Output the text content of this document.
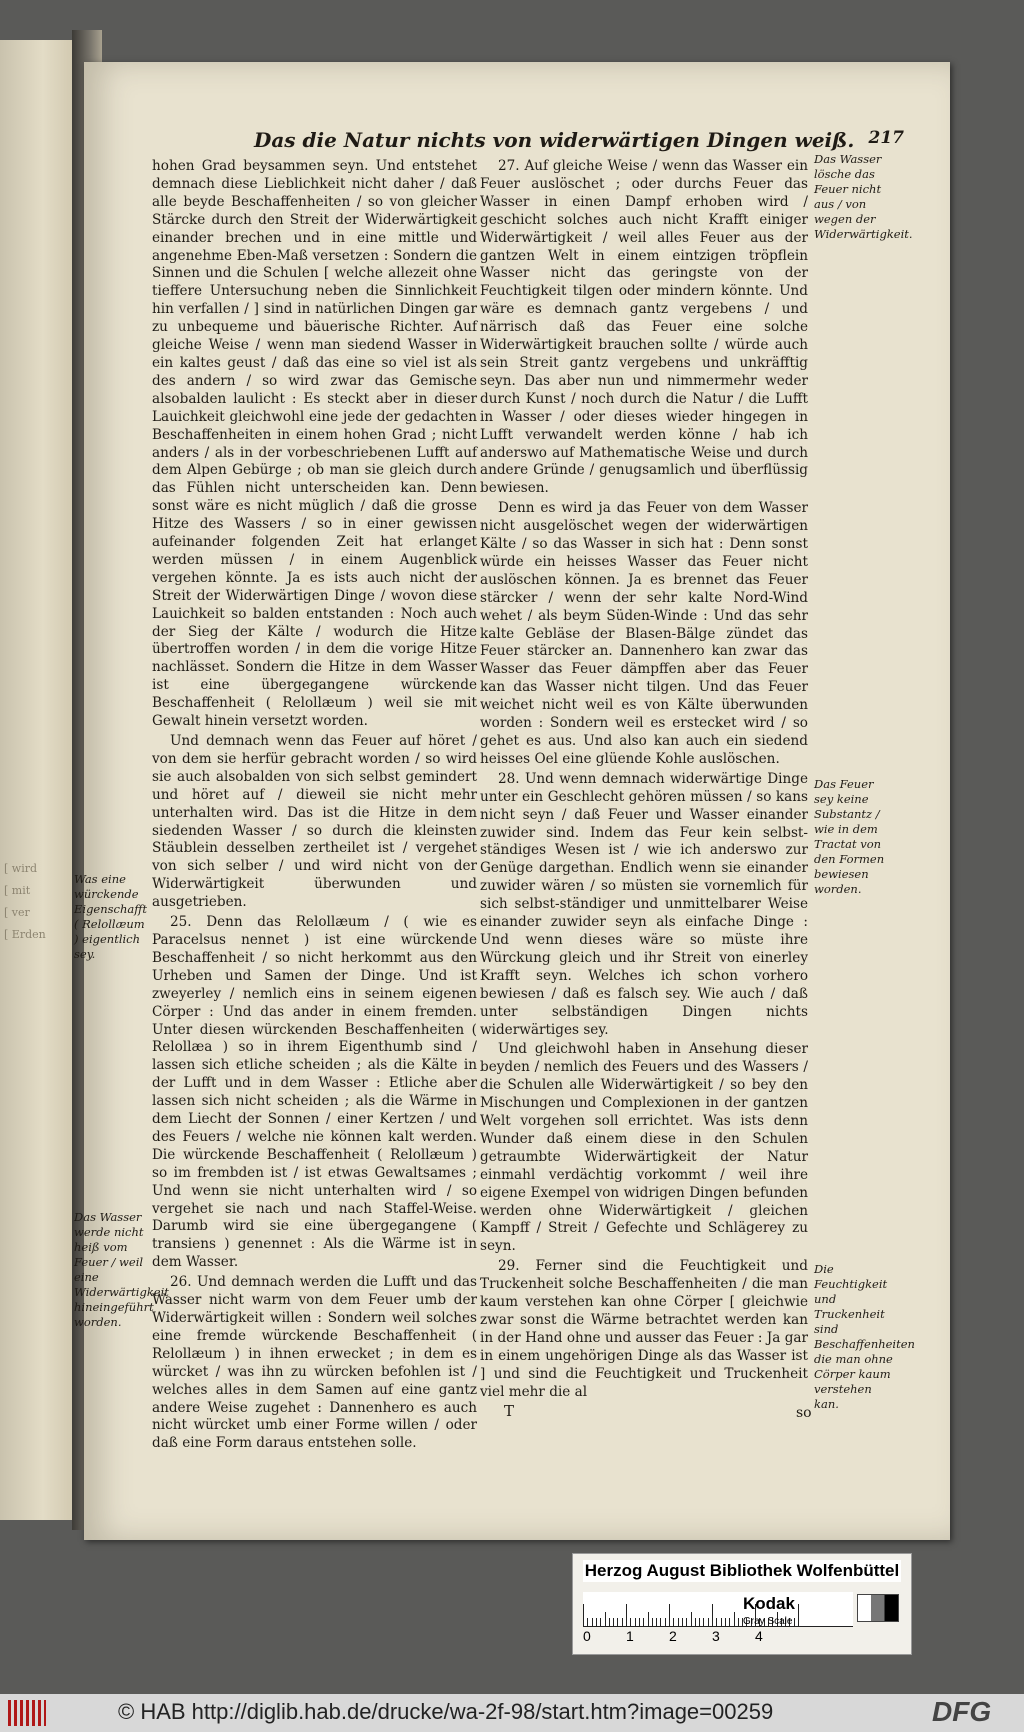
[ wird
[ mit
[ ver
[ Erden
Das die Natur nichts von widerwärtigen Dingen weiß. 217

hohen Grad beysammen seyn. Und entstehet demnach diese Lieblichkeit nicht daher / daß alle beyde Beschaffenheiten / so von gleicher Stärcke durch den Streit der Widerwärtigkeit einander brechen und in eine mittle und angenehme Eben-Maß versetzen : Sondern die Sinnen und die Schulen [ welche allezeit ohne tieffere Untersuchung neben die Sinnlichkeit hin verfallen / ] sind in natürlichen Dingen gar zu unbequeme und bäuerische Richter. Auf gleiche Weise / wenn man siedend Wasser in ein kaltes geust / daß das eine so viel ist als des andern / so wird zwar das Gemische alsobalden laulicht : Es steckt aber in dieser Lauichkeit gleichwohl eine jede der gedachten Beschaffenheiten in einem hohen Grad ; nicht anders / als in der vorbeschriebenen Lufft auf dem Alpen Gebürge ; ob man sie gleich durch das Fühlen nicht unterscheiden kan. Denn sonst wäre es nicht müglich / daß die grosse Hitze des Wassers / so in einer gewissen aufeinander folgenden Zeit hat erlanget werden müssen / in einem Augenblick vergehen könnte. Ja es ists auch nicht der Streit der Widerwärtigen Dinge / wovon diese Lauichkeit so balden entstanden : Noch auch der Sieg der Kälte / wodurch die Hitze übertroffen worden / in dem die vorige Hitze nachlässet. Sondern die Hitze in dem Wasser ist eine übergegangene würckende Beschaffenheit ( Relollæum ) weil sie mit Gewalt hinein versetzt worden.

Und demnach wenn das Feuer auf höret / von dem sie herfür gebracht worden / so wird sie auch alsobalden von sich selbst gemindert und höret auf / dieweil sie nicht mehr unterhalten wird. Das ist die Hitze in dem siedenden Wasser / so durch die kleinsten Stäublein desselben zertheilet ist / vergehet von sich selber / und wird nicht von der Widerwärtigkeit überwunden und ausgetrieben.

25. Denn das Relollæum / ( wie es Paracelsus nennet ) ist eine würckende Beschaffenheit / so nicht herkommt aus den Urheben und Samen der Dinge. Und ist zweyerley / nemlich eins in seinem eigenen Cörper : Und das ander in einem fremden. Unter diesen würckenden Beschaffenheiten ( Relollæa ) so in ihrem Eigenthumb sind / lassen sich etliche scheiden ; als die Kälte in der Lufft und in dem Wasser : Etliche aber lassen sich nicht scheiden ; als die Wärme in dem Liecht der Sonnen / einer Kertzen / und des Feuers / welche nie können kalt werden. Die würckende Beschaffenheit ( Relollæum ) so im frembden ist / ist etwas Gewaltsames ; Und wenn sie nicht unterhalten wird / so vergehet sie nach und nach Staffel-Weise. Darumb wird sie eine übergegangene ( transiens ) genennet : Als die Wärme ist in dem Wasser.

26. Und demnach werden die Lufft und das Wasser nicht warm von dem Feuer umb der Widerwärtigkeit willen : Sondern weil solches eine fremde würckende Beschaffenheit ( Relollæum ) in ihnen erwecket ; in dem es würcket / was ihn zu würcken befohlen ist / welches alles in dem Samen auf eine gantz andere Weise zugehet : Dannenhero es auch nicht würcket umb einer Forme willen / oder daß eine Form daraus entstehen solle.

27. Auf gleiche Weise / wenn das Wasser ein Feuer auslöschet ; oder durchs Feuer das Wasser in einen Dampf erhoben wird / geschicht solches auch nicht Krafft einiger Widerwärtigkeit / weil alles Feuer aus der gantzen Welt in einem eintzigen tröpflein Wasser nicht das geringste von der Feuchtigkeit tilgen oder mindern könnte. Und wäre es demnach gantz vergebens / und närrisch daß das Feuer eine solche Widerwärtigkeit brauchen sollte / würde auch sein Streit gantz vergebens und unkräfftig seyn. Das aber nun und nimmermehr weder durch Kunst / noch durch die Natur / die Lufft in Wasser / oder dieses wieder hingegen in Lufft verwandelt werden könne / hab ich anderswo auf Mathematische Weise und durch andere Gründe / genugsamlich und überflüssig bewiesen.

Denn es wird ja das Feuer von dem Wasser nicht ausgelöschet wegen der widerwärtigen Kälte / so das Wasser in sich hat : Denn sonst würde ein heisses Wasser das Feuer nicht auslöschen können. Ja es brennet das Feuer stärcker / wenn der sehr kalte Nord-Wind wehet / als beym Süden-Winde : Und das sehr kalte Gebläse der Blasen-Bälge zündet das Feuer stärcker an. Dannenhero kan zwar das Wasser das Feuer dämpffen aber das Feuer kan das Wasser nicht tilgen. Und das Feuer weichet nicht weil es von Kälte überwunden worden : Sondern weil es erstecket wird / so gehet es aus. Und also kan auch ein siedend heisses Oel eine glüende Kohle auslöschen.

28. Und wenn demnach widerwärtige Dinge unter ein Geschlecht gehören müssen / so kans nicht seyn / daß Feuer und Wasser einander zuwider sind. Indem das Feur kein selbst-ständiges Wesen ist / wie ich anderswo zur Genüge dargethan. Endlich wenn sie einander zuwider wären / so müsten sie vornemlich für sich selbst-ständiger und unmittelbarer Weise einander zuwider seyn als einfache Dinge : Und wenn dieses wäre so müste ihre Würckung gleich und ihr Streit von einerley Krafft seyn. Welches ich schon vorhero bewiesen / daß es falsch sey. Wie auch / daß unter selbständigen Dingen nichts widerwärtiges sey.

Und gleichwohl haben in Ansehung dieser beyden / nemlich des Feuers und des Wassers / die Schulen alle Widerwärtigkeit / so bey den Mischungen und Complexionen in der gantzen Welt vorgehen soll errichtet. Was ists denn Wunder daß einem diese in den Schulen getraumbte Widerwärtigkeit der Natur einmahl verdächtig vorkommt / weil ihre eigene Exempel von widrigen Dingen befunden werden ohne Widerwärtigkeit / gleichen Kampff / Streit / Gefechte und Schlägerey zu seyn.

29. Ferner sind die Feuchtigkeit und Truckenheit solche Beschaffenheiten / die man kaum verstehen kan ohne Cörper [ gleichwie zwar sonst die Wärme betrachtet werden kan in der Hand ohne und ausser das Feuer : Ja gar in einem ungehörigen Dinge als das Wasser ist ] und sind die Feuchtigkeit und Truckenheit viel mehr die al

Das Wasser lösche das Feuer nicht aus / von wegen der Widerwärtigkeit.
Was eine würckende Eigenschafft ( Relollæum ) eigentlich sey.
Das Feuer sey keine Substantz / wie in dem Tractat von den Formen bewiesen worden.
Das Wasser werde nicht heiß vom Feuer / weil eine Widerwärtigkeit hineingeführt worden.
Die Feuchtigkeit und Truckenheit sind Beschaffenheiten die man ohne Cörper kaum verstehen kan.
T	so
Herzog August Bibliothek Wolfenbüttel
0	1	2	3	4
Kodak
Gray Scale
© HAB http://diglib.hab.de/drucke/wa-2f-98/start.htm?image=00259	DFG
